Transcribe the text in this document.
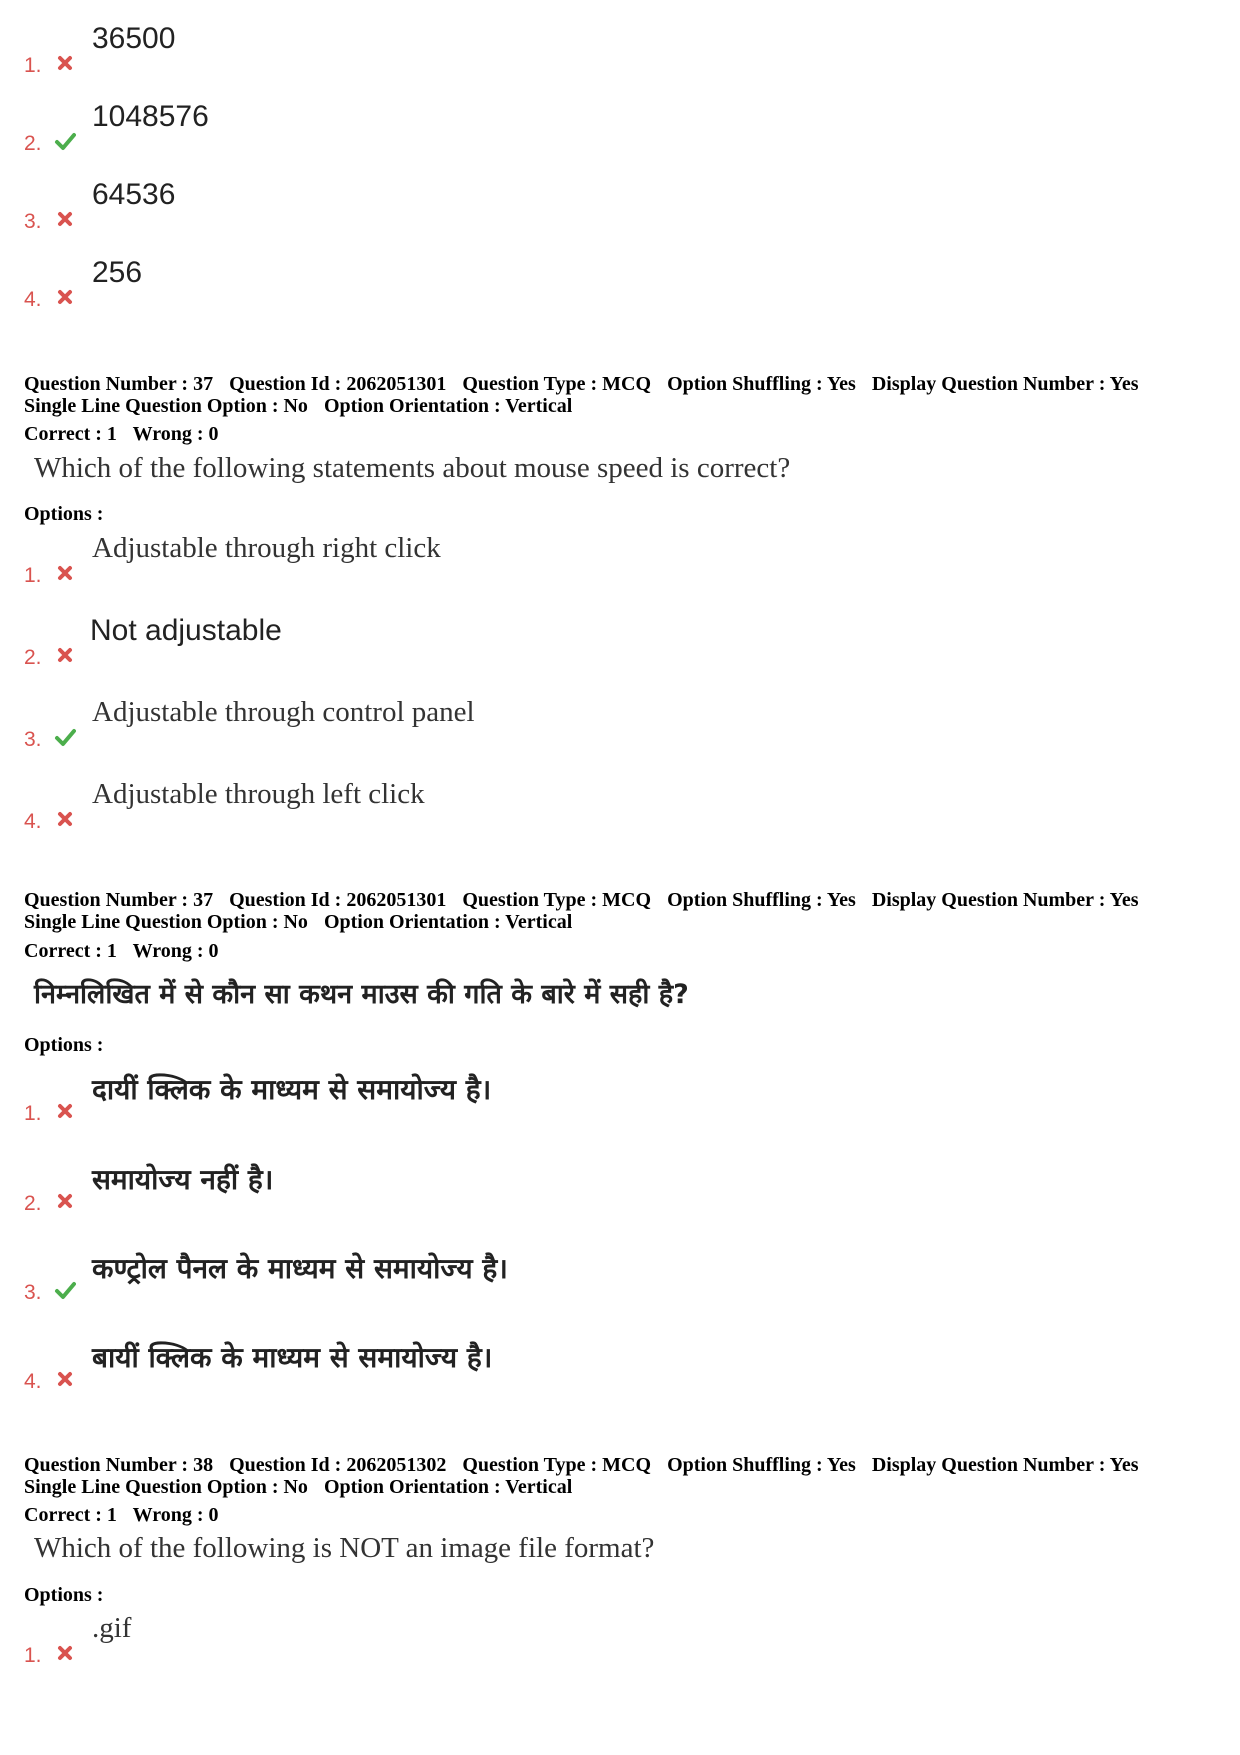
1.
36500
2.
1048576
3.
64536
4.
256
Question Number : 37 Question Id : 2062051301 Question Type : MCQ Option Shuffling : Yes Display Question Number : Yes
Single Line Question Option : No Option Orientation : Vertical
Correct : 1 Wrong : 0
Which of the following statements about mouse speed is correct?
Options :
1.
Adjustable through right click
2.
Not adjustable
3.
Adjustable through control panel
4.
Adjustable through left click
Question Number : 37 Question Id : 2062051301 Question Type : MCQ Option Shuffling : Yes Display Question Number : Yes
Single Line Question Option : No Option Orientation : Vertical
Correct : 1 Wrong : 0
निम्नलिखित में से कौन सा कथन माउस की गति के बारे में सही है?
Options :
1.
दायीं क्लिक के माध्यम से समायोज्य है।
2.
समायोज्य नहीं है।
3.
कण्ट्रोल पैनल के माध्यम से समायोज्य है।
4.
बायीं क्लिक के माध्यम से समायोज्य है।
Question Number : 38 Question Id : 2062051302 Question Type : MCQ Option Shuffling : Yes Display Question Number : Yes
Single Line Question Option : No Option Orientation : Vertical
Correct : 1 Wrong : 0
Which of the following is NOT an image file format?
Options :
1.
.gif
